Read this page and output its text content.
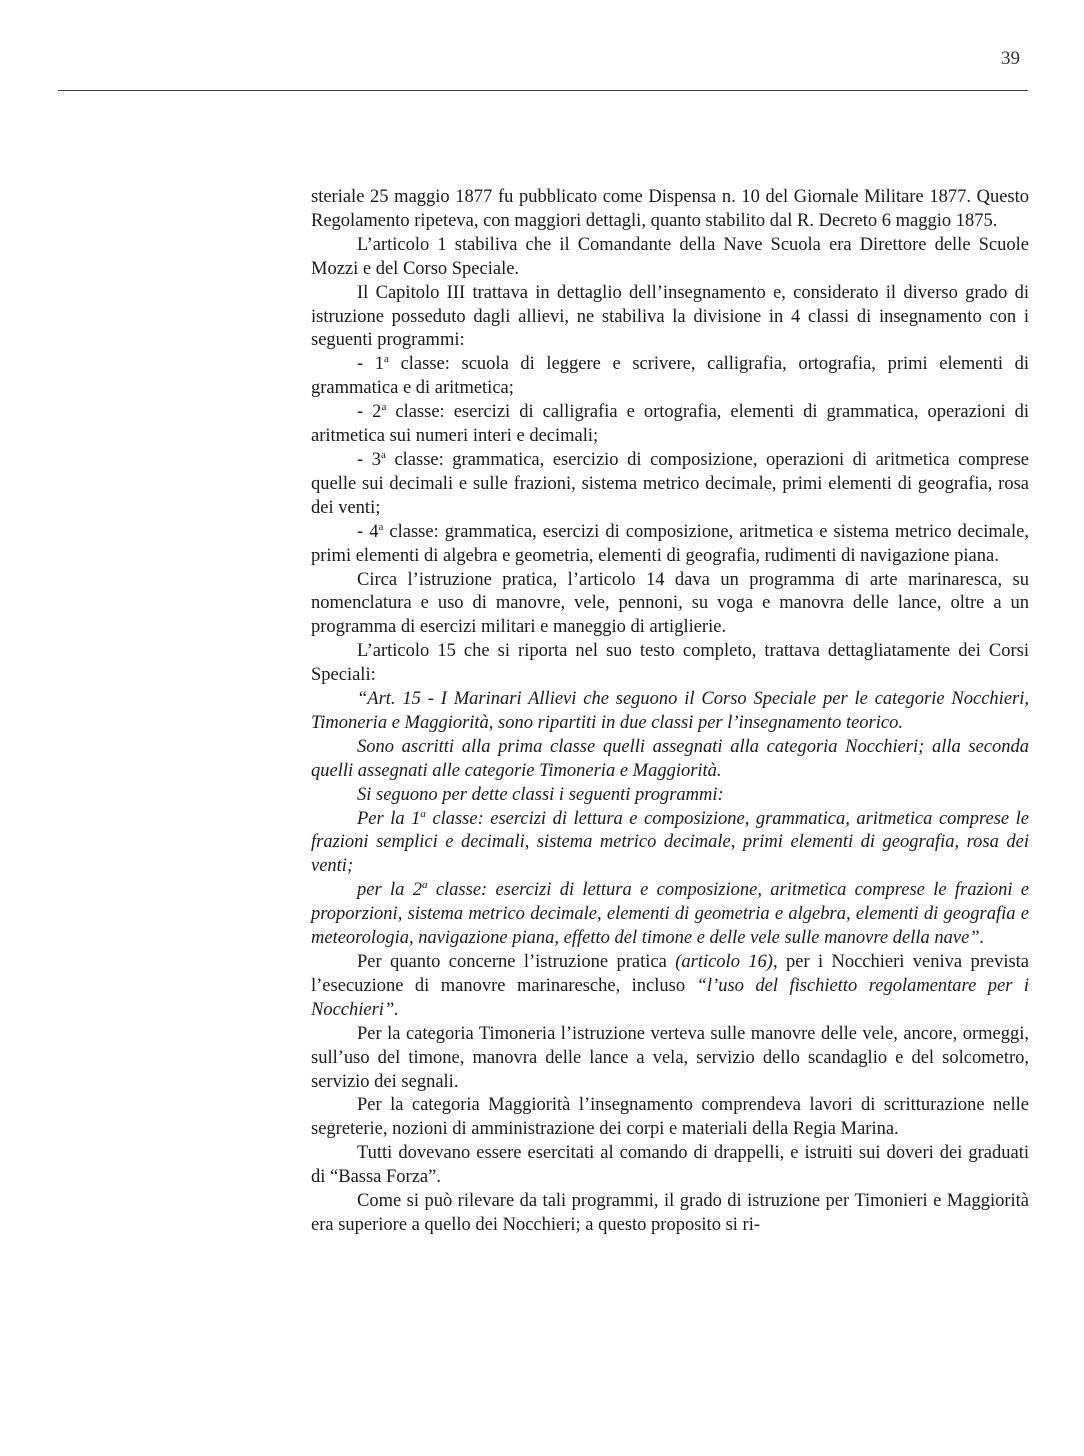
39

steriale 25 maggio 1877 fu pubblicato come Dispensa n. 10 del Giornale Militare 1877. Questo Regolamento ripeteva, con maggiori dettagli, quanto stabilito dal R. Decreto 6 maggio 1875.

L’articolo 1 stabiliva che il Comandante della Nave Scuola era Direttore delle Scuole Mozzi e del Corso Speciale.

Il Capitolo III trattava in dettaglio dell’insegnamento e, considerato il diverso grado di istruzione posseduto dagli allievi, ne stabiliva la divisione in 4 classi di insegnamento con i seguenti programmi:

- 1$^a$ classe: scuola di leggere e scrivere, calligrafia, ortografia, primi elementi di grammatica e di aritmetica;

- 2$^a$ classe: esercizi di calligrafia e ortografia, elementi di grammatica, operazioni di aritmetica sui numeri interi e decimali;

- 3$^a$ classe: grammatica, esercizio di composizione, operazioni di aritmetica comprese quelle sui decimali e sulle frazioni, sistema metrico decimale, primi elementi di geografia, rosa dei venti;

- 4$^a$ classe: grammatica, esercizi di composizione, aritmetica e sistema metrico decimale, primi elementi di algebra e geometria, elementi di geografia, rudimenti di navigazione piana.

Circa l’istruzione pratica, l’articolo 14 dava un programma di arte marinaresca, su nomenclatura e uso di manovre, vele, pennoni, su voga e manovra delle lance, oltre a un programma di esercizi militari e maneggio di artiglierie.

L’articolo 15 che si riporta nel suo testo completo, trattava dettagliatamente dei Corsi Speciali:

“Art. 15 - I Marinari Allievi che seguono il Corso Speciale per le categorie Nocchieri, Timoneria e Maggiorità, sono ripartiti in due classi per l’insegnamento teorico.

Sono ascritti alla prima classe quelli assegnati alla categoria Nocchieri; alla seconda quelli assegnati alle categorie Timoneria e Maggiorità.

Si seguono per dette classi i seguenti programmi:

Per la 1$^a$ classe: esercizi di lettura e composizione, grammatica, aritmetica comprese le frazioni semplici e decimali, sistema metrico decimale, primi elementi di geografia, rosa dei venti;

per la 2$^a$ classe: esercizi di lettura e composizione, aritmetica comprese le frazioni e proporzioni, sistema metrico decimale, elementi di geometria e algebra, elementi di geografia e meteorologia, navigazione piana, effetto del timone e delle vele sulle manovre della nave”.

Per quanto concerne l’istruzione pratica (articolo 16), per i Nocchieri veniva prevista l’esecuzione di manovre marinaresche, incluso “l’uso del fischietto regolamentare per i Nocchieri”.

Per la categoria Timoneria l’istruzione verteva sulle manovre delle vele, ancore, ormeggi, sull’uso del timone, manovra delle lance a vela, servizio dello scandaglio e del solcometro, servizio dei segnali.

Per la categoria Maggiorità l’insegnamento comprendeva lavori di scritturazione nelle segreterie, nozioni di amministrazione dei corpi e materiali della Regia Marina.

Tutti dovevano essere esercitati al comando di drappelli, e istruiti sui doveri dei graduati di “Bassa Forza”.

Come si può rilevare da tali programmi, il grado di istruzione per Timonieri e Maggiorità era superiore a quello dei Nocchieri; a questo proposito si ri-
